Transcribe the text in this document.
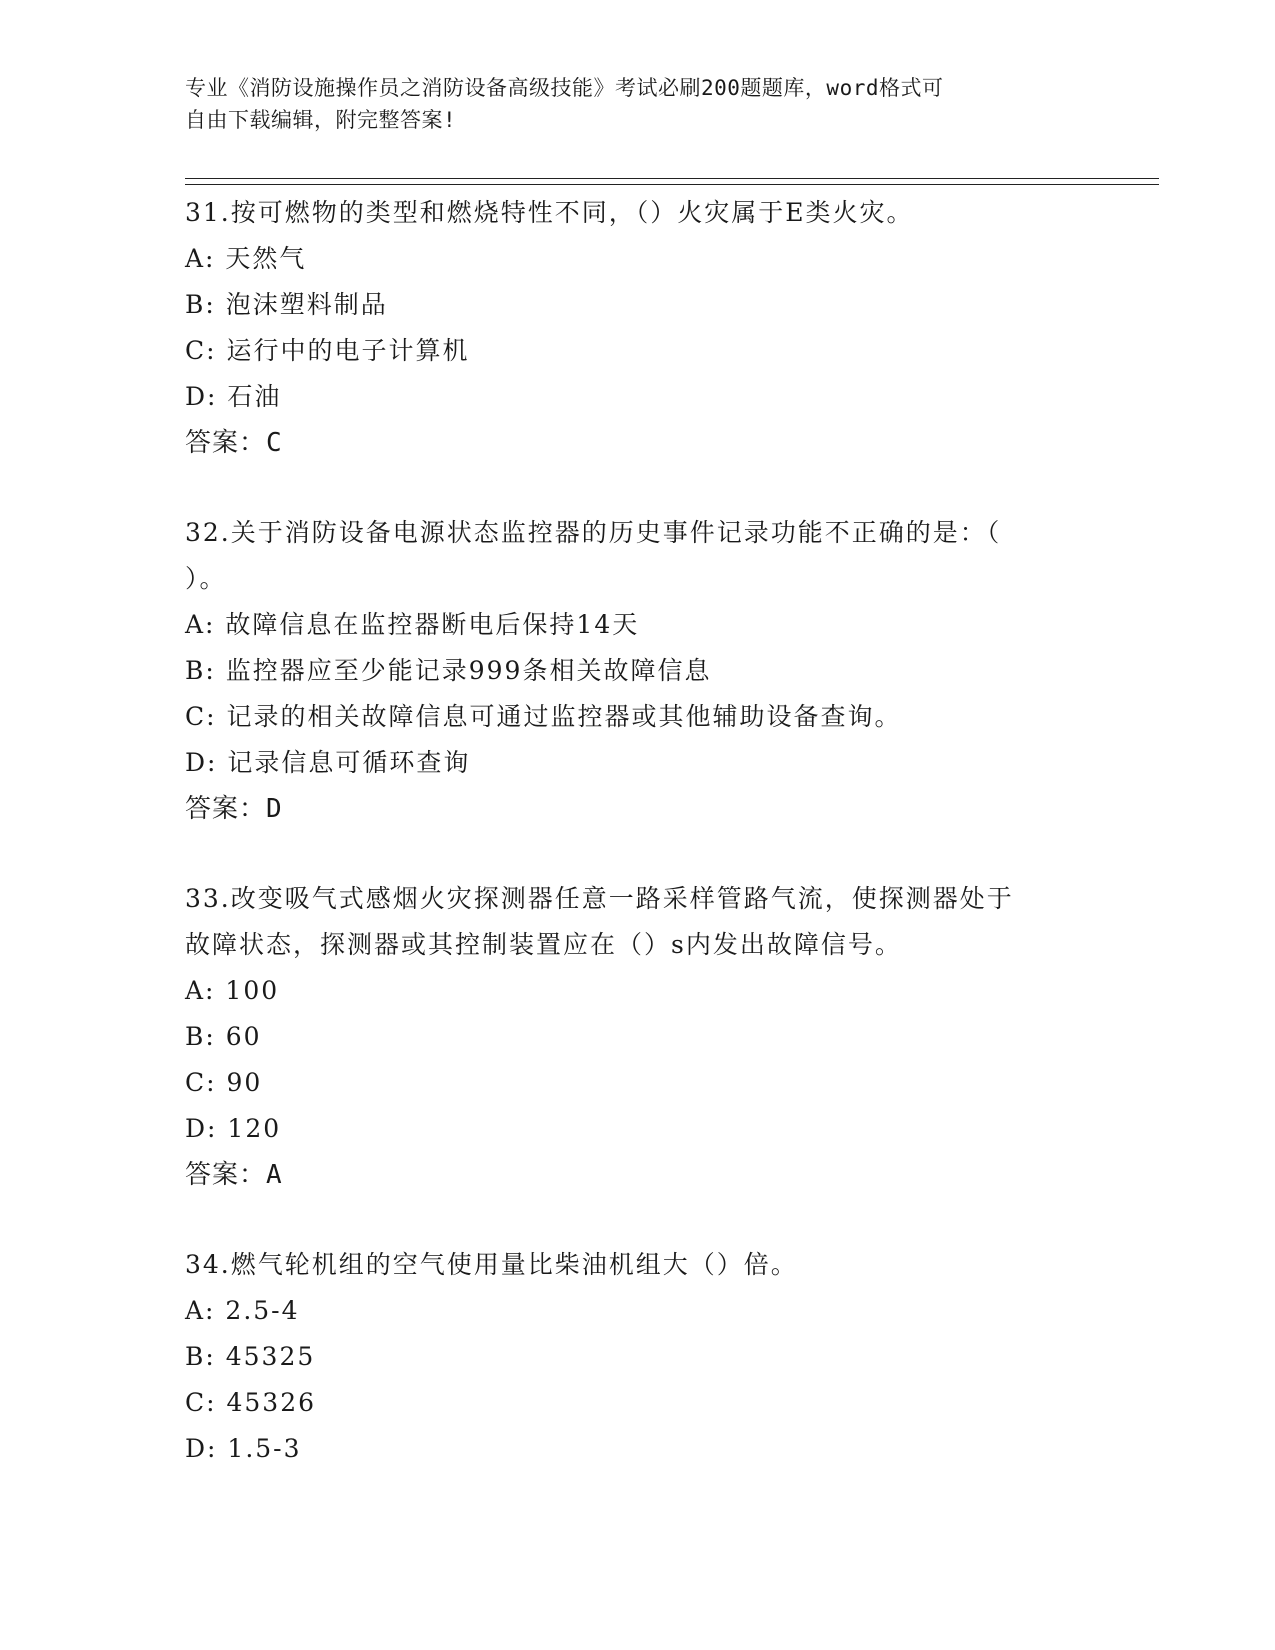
专业《消防设施操作员之消防设备高级技能》考试必刷200题题库，word格式可

自由下载编辑，附完整答案!

31.按可燃物的类型和燃烧特性不同，（）火灾属于E类火灾。

A: 天然气

B: 泡沫塑料制品

C: 运行中的电子计算机

D: 石油

答案：C

32.关于消防设备电源状态监控器的历史事件记录功能不正确的是：（

）。

A: 故障信息在监控器断电后保持14天

B: 监控器应至少能记录999条相关故障信息

C: 记录的相关故障信息可通过监控器或其他辅助设备查询。

D: 记录信息可循环查询

答案：D

33.改变吸气式感烟火灾探测器任意一路采样管路气流，使探测器处于

故障状态，探测器或其控制装置应在（）s内发出故障信号。

A: 100

B: 60

C: 90

D: 120

答案：A

34.燃气轮机组的空气使用量比柴油机组大（）倍。

A: 2.5-4

B: 45325

C: 45326

D: 1.5-3
